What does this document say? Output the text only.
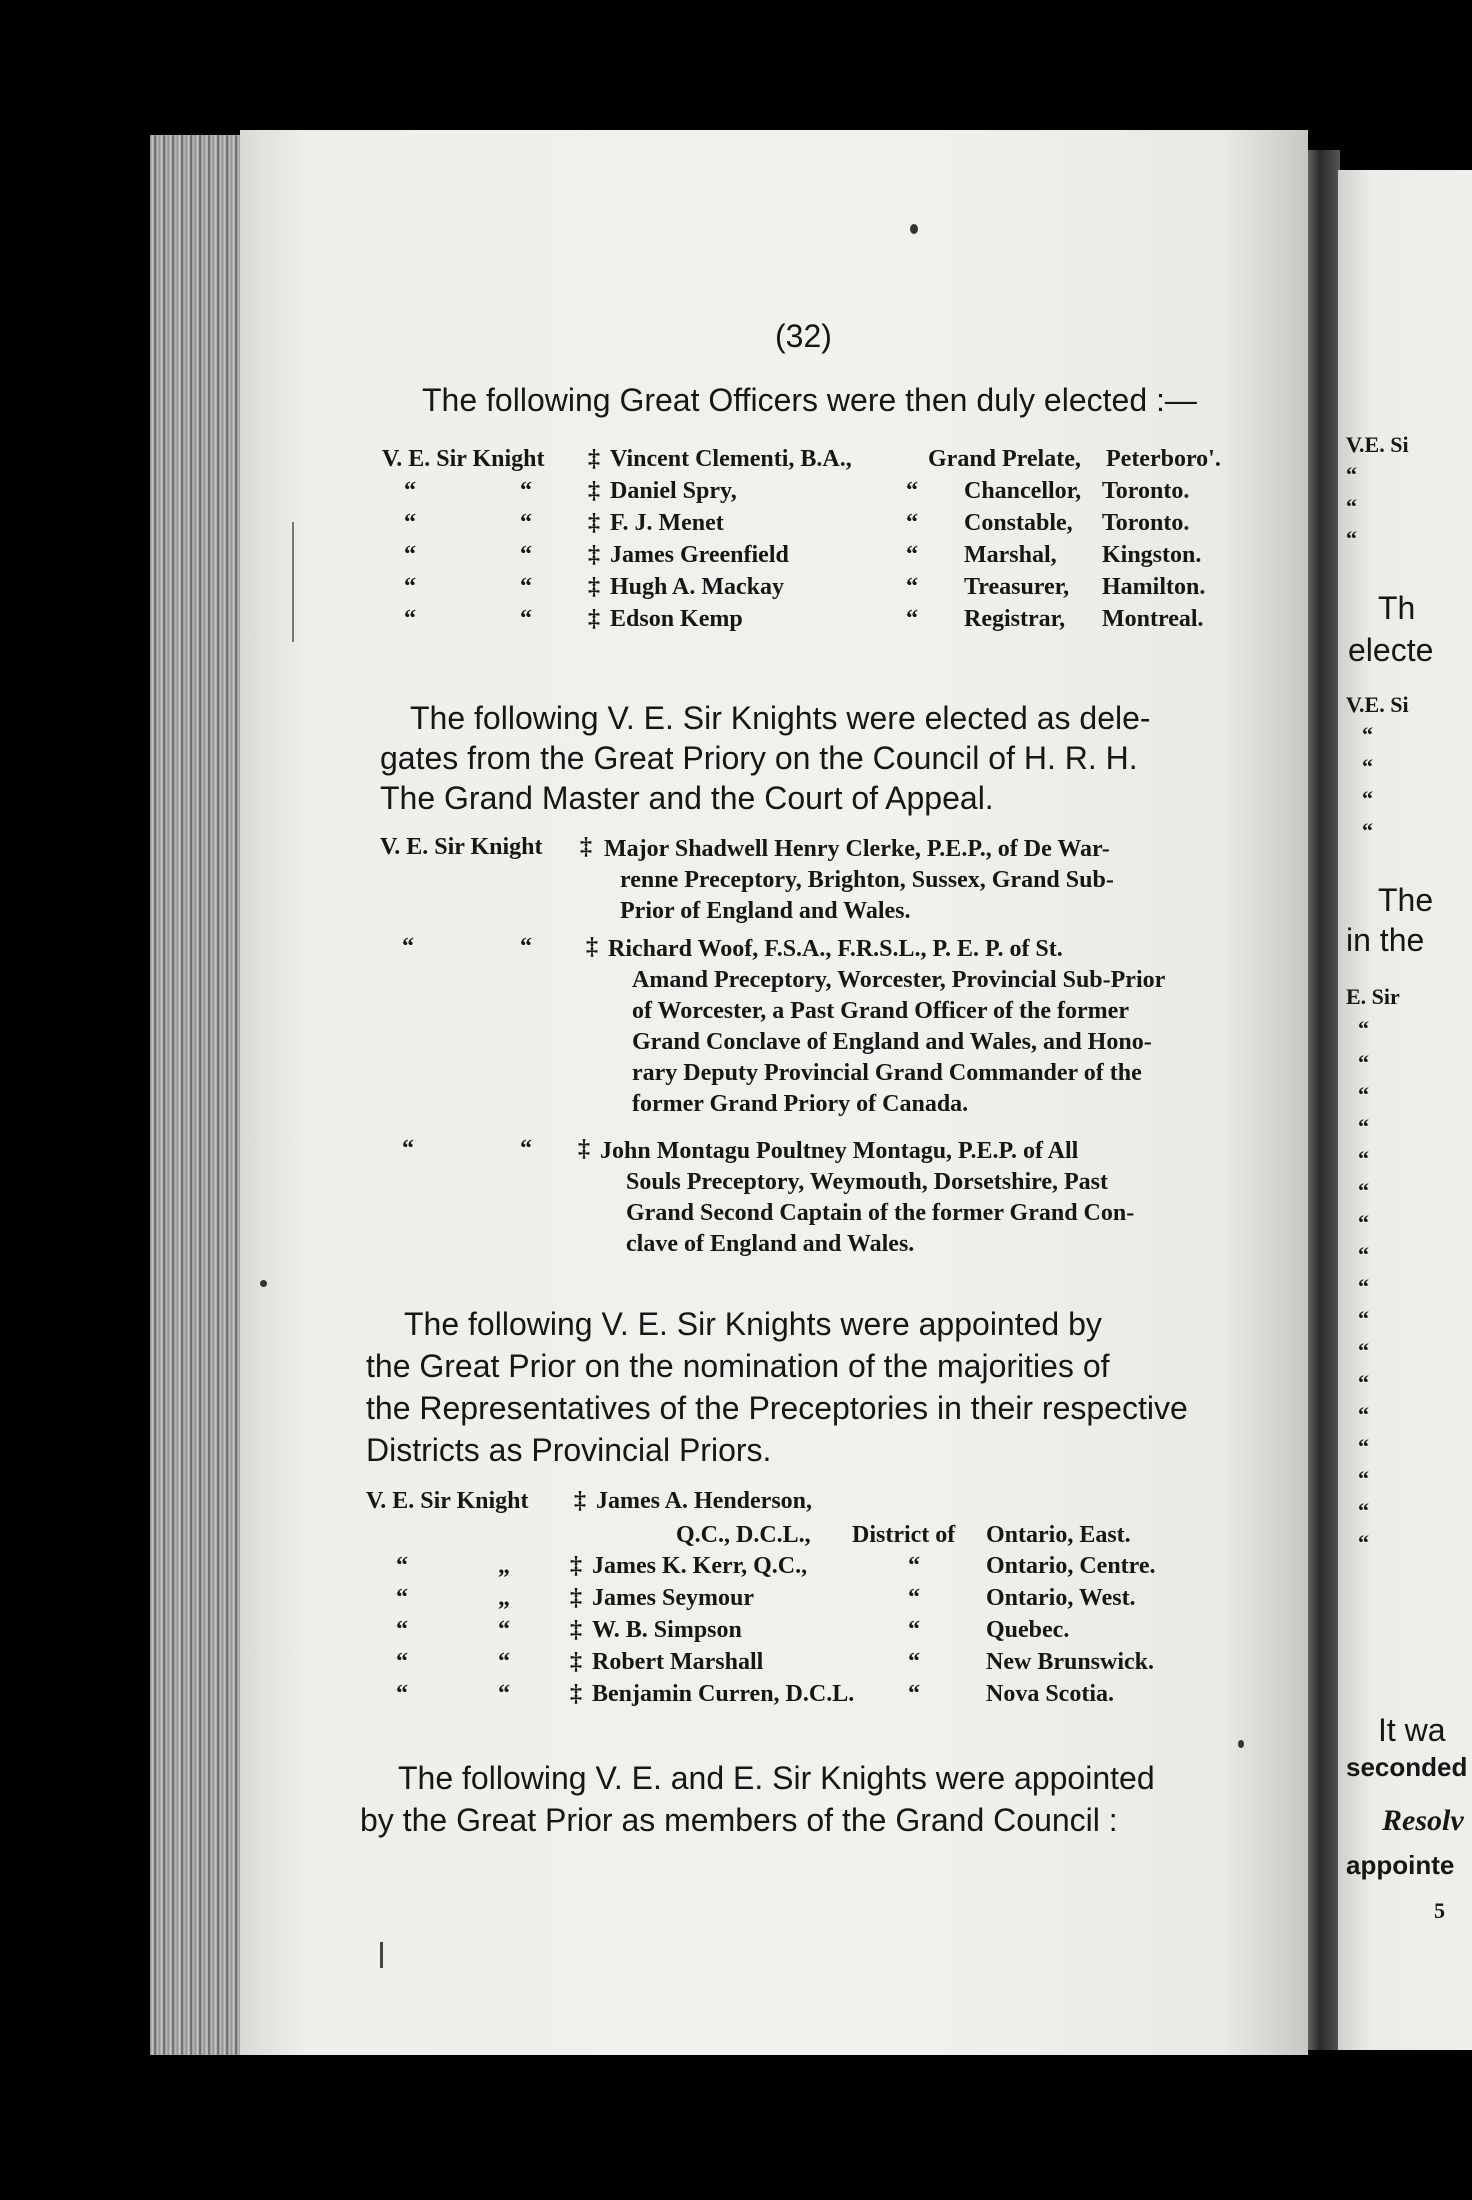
V.E. Si
“
“
“
Th
electe
V.E. Si
“
“
“
“
The
in the
E. Sir
“
“
“
“
“
“
“
“
“
“
“
“
“
“
“
“
“
It wa
seconded
Resolv
appointe
5
(32)
The following Great Officers were then duly elected :—
V. E. Sir Knight ‡ Vincent Clementi, B.A.,	Grand Prelate, Peterboro'.
“	“ ‡ Daniel Spry,	“ Chancellor, Toronto.
“	“ ‡ F. J. Menet	“ Constable, Toronto.
“	“ ‡ James Greenfield	“ Marshal, Kingston.
“	“ ‡ Hugh A. Mackay	“ Treasurer, Hamilton.
“	“ ‡ Edson Kemp	“ Registrar, Montreal.
The following V. E. Sir Knights were elected as dele-
gates from the Great Priory on the Council of H. R. H.
The Grand Master and the Court of Appeal.
V. E. Sir Knight ‡ Major Shadwell Henry Clerke, P.E.P., of De War-
renne Preceptory, Brighton, Sussex, Grand Sub-
Prior of England and Wales.
“	“ ‡ Richard Woof, F.S.A., F.R.S.L., P. E. P. of St.
Amand Preceptory, Worcester, Provincial Sub-Prior
of Worcester, a Past Grand Officer of the former
Grand Conclave of England and Wales, and Hono-
rary Deputy Provincial Grand Commander of the
former Grand Priory of Canada.
“	“ ‡ John Montagu Poultney Montagu, P.E.P. of All
Souls Preceptory, Weymouth, Dorsetshire, Past
Grand Second Captain of the former Grand Con-
clave of England and Wales.
The following V. E. Sir Knights were appointed by
the Great Prior on the nomination of the majorities of
the Representatives of the Preceptories in their respective
Districts as Provincial Priors.
V. E. Sir Knight ‡ James A. Henderson,
Q.C., D.C.L., District of Ontario, East.
“	„	‡ James K. Kerr, Q.C.,	“	Ontario, Centre.
“	„	‡ James Seymour	“	Ontario, West.
“	“	‡ W. B. Simpson	“	Quebec.
“	“	‡ Robert Marshall	“	New Brunswick.
“	“	‡ Benjamin Curren, D.C.L. “	Nova Scotia.
The following V. E. and E. Sir Knights were appointed
by the Great Prior as members of the Grand Council :
